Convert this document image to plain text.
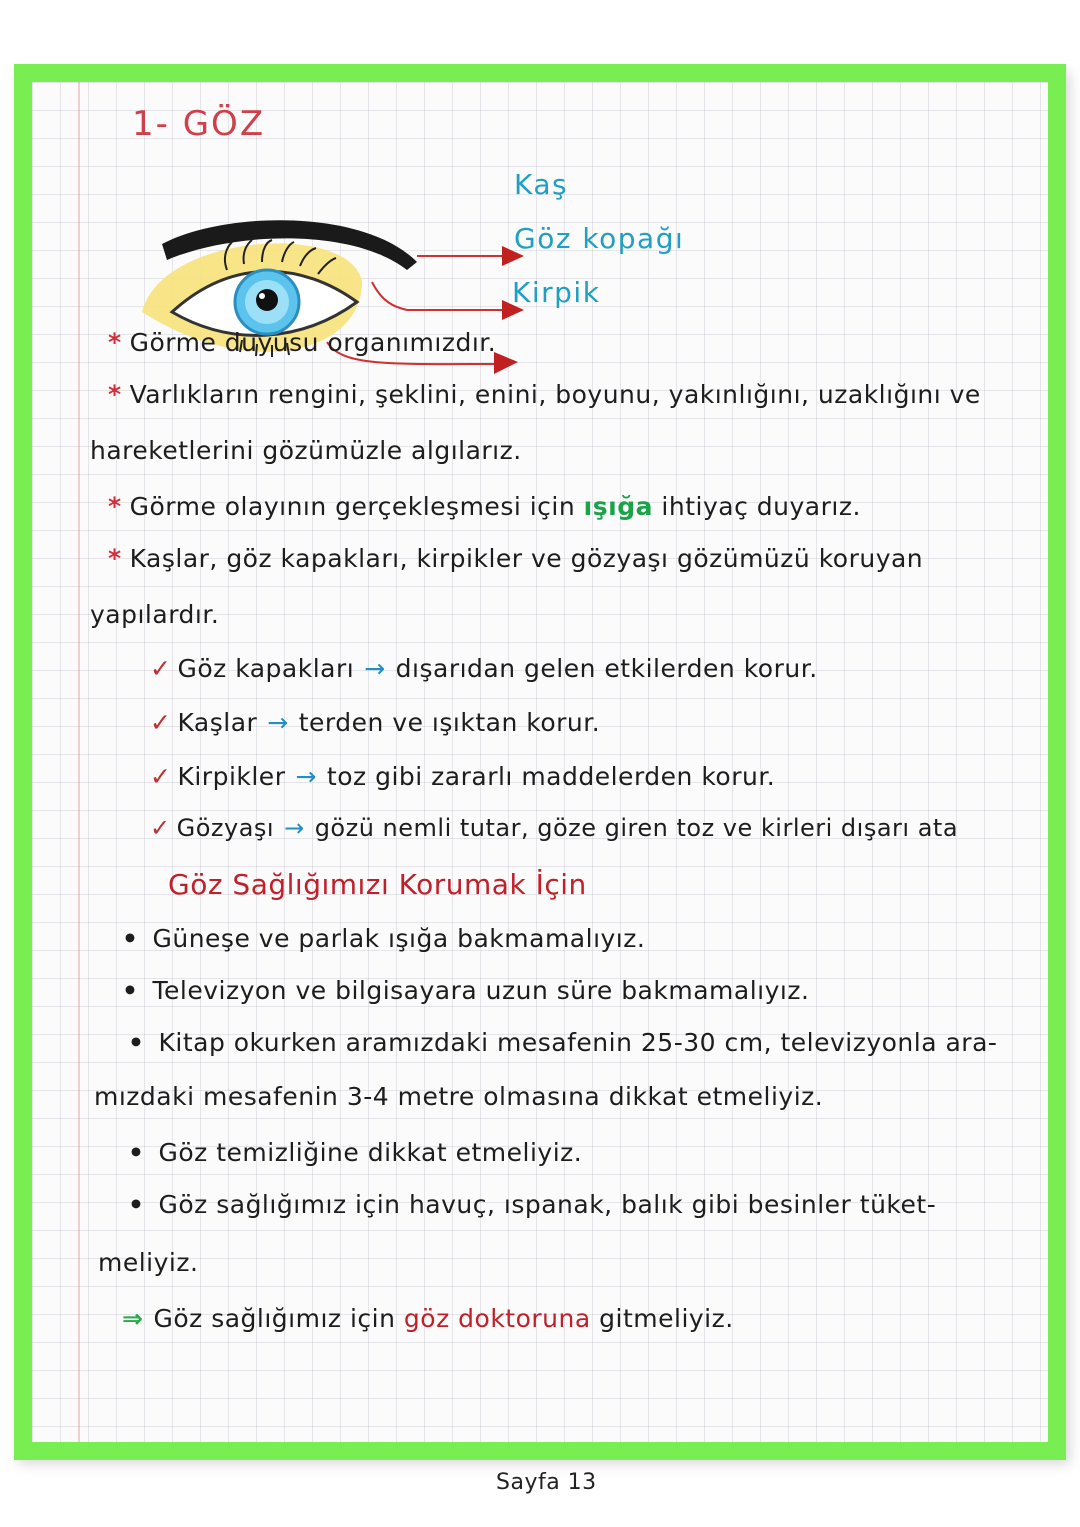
1- GÖZ

Kaş

Göz kopağı

Kirpik

* Görme duyusu organımızdır.

* Varlıkların rengini, şeklini, enini, boyunu, yakınlığını, uzaklığını ve

hareketlerini gözümüzle algılarız.

* Görme olayının gerçekleşmesi için ışığa ihtiyaç duyarız.

* Kaşlar, göz kapakları, kirpikler ve gözyaşı gözümüzü koruyan

yapılardır.

✓ Göz kapakları → dışarıdan gelen etkilerden korur.

✓ Kaşlar → terden ve ışıktan korur.

✓ Kirpikler → toz gibi zararlı maddelerden korur.

✓ Gözyaşı → gözü nemli tutar, göze giren toz ve kirleri dışarı ata

Göz Sağlığımızı Korumak İçin

• Güneşe ve parlak ışığa bakmamalıyız.

• Televizyon ve bilgisayara uzun süre bakmamalıyız.

• Kitap okurken aramızdaki mesafenin 25-30 cm, televizyonla ara-

mızdaki mesafenin 3-4 metre olmasına dikkat etmeliyiz.

• Göz temizliğine dikkat etmeliyiz.

• Göz sağlığımız için havuç, ıspanak, balık gibi besinler tüket-

meliyiz.

⇒ Göz sağlığımız için göz doktoruna gitmeliyiz.

Sayfa 13
